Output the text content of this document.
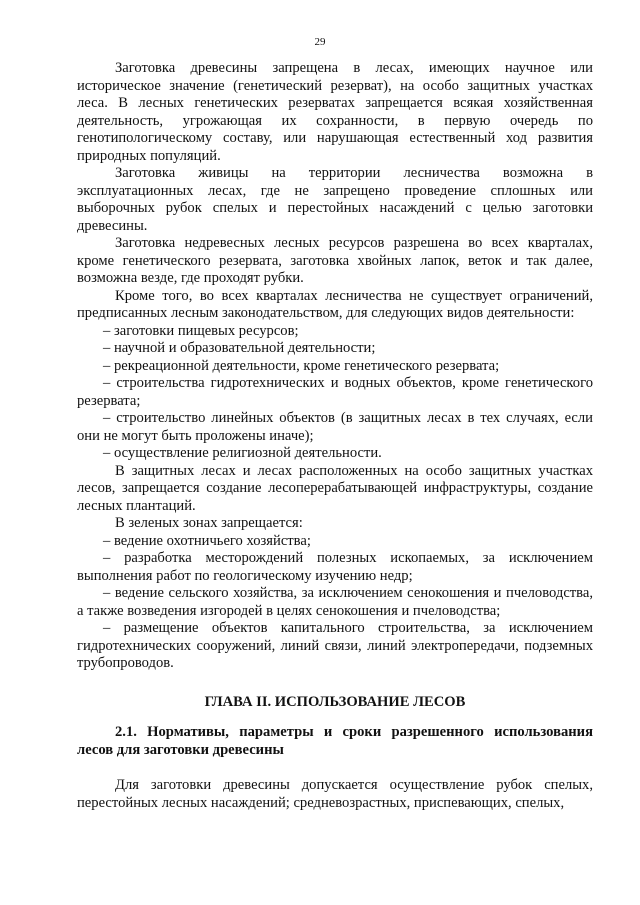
29

Заготовка древесины запрещена в лесах, имеющих научное или историческое значение (генетический резерват), на особо защитных участках леса. В лесных генетических резерватах запрещается всякая хозяйственная деятельность, угрожающая их сохранности, в первую очередь по генотипологическому составу, или нарушающая естественный ход развития природных популяций.

Заготовка живицы на территории лесничества возможна в эксплуатационных лесах, где не запрещено проведение сплошных или выборочных рубок спелых и перестойных насаждений с целью заготовки древесины.

Заготовка недревесных лесных ресурсов разрешена во всех кварталах, кроме генетического резервата, заготовка хвойных лапок, веток и так далее, возможна везде, где проходят рубки.

Кроме того, во всех кварталах лесничества не существует ограничений, предписанных лесным законодательством, для следующих видов деятельности:

– заготовки пищевых ресурсов;

– научной и образовательной деятельности;

– рекреационной деятельности, кроме генетического резервата;

– строительства гидротехнических и водных объектов, кроме генетического резервата;

– строительство линейных объектов (в защитных лесах в тех случаях, если они не могут быть проложены иначе);

– осуществление религиозной деятельности.

В защитных лесах и лесах расположенных на особо защитных участках лесов, запрещается создание лесоперерабатывающей инфраструктуры, создание лесных плантаций.

В зеленых зонах запрещается:

– ведение охотничьего хозяйства;

– разработка месторождений полезных ископаемых, за исключением выполнения работ по геологическому изучению недр;

– ведение сельского хозяйства, за исключением сенокошения и пчеловодства, а также возведения изгородей в целях сенокошения и пчеловодства;

– размещение объектов капитального строительства, за исключением гидротехнических сооружений, линий связи, линий электропередачи, подземных трубопроводов.

ГЛАВА II. ИСПОЛЬЗОВАНИЕ ЛЕСОВ

2.1. Нормативы, параметры и сроки разрешенного использования лесов для заготовки древесины

Для заготовки древесины допускается осуществление рубок спелых, перестойных лесных насаждений; средневозрастных, приспевающих, спелых,
